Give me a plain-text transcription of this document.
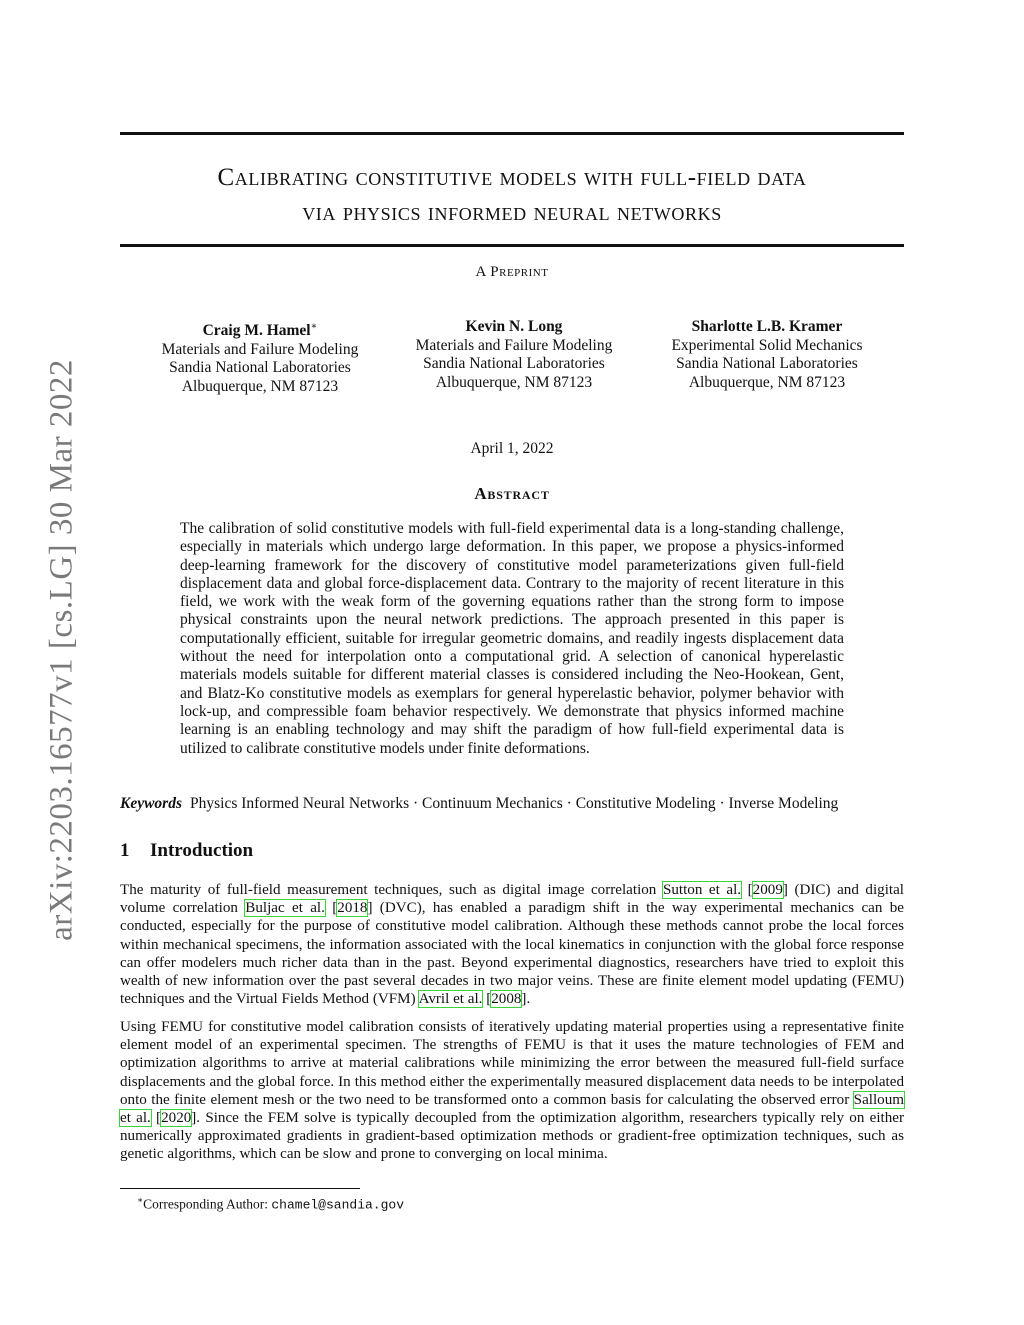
arXiv:2203.16577v1 [cs.LG] 30 Mar 2022
Calibrating constitutive models with full-field data
via physics informed neural networks
A Preprint
Craig M. Hamel∗
Materials and Failure Modeling
Sandia National Laboratories
Albuquerque, NM 87123
Kevin N. Long
Materials and Failure Modeling
Sandia National Laboratories
Albuquerque, NM 87123
Sharlotte L.B. Kramer
Experimental Solid Mechanics
Sandia National Laboratories
Albuquerque, NM 87123
April 1, 2022
Abstract
The calibration of solid constitutive models with full-field experimental data is a long-standing challenge, especially in materials which undergo large deformation. In this paper, we propose a physics-informed deep-learning framework for the discovery of constitutive model parameterizations given full-field displacement data and global force-displacement data. Contrary to the majority of recent literature in this field, we work with the weak form of the governing equations rather than the strong form to impose physical constraints upon the neural network predictions. The approach presented in this paper is computationally efficient, suitable for irregular geometric domains, and readily ingests displacement data without the need for interpolation onto a computational grid. A selection of canonical hyperelastic materials models suitable for different material classes is considered including the Neo-Hookean, Gent, and Blatz-Ko constitutive models as exemplars for general hyperelastic behavior, polymer behavior with lock-up, and compressible foam behavior respectively. We demonstrate that physics informed machine learning is an enabling technology and may shift the paradigm of how full-field experimental data is utilized to calibrate constitutive models under finite deformations.
Keywords Physics Informed Neural Networks · Continuum Mechanics · Constitutive Modeling · Inverse Modeling
1 Introduction
The maturity of full-field measurement techniques, such as digital image correlation Sutton et al. [2009] (DIC) and digital volume correlation Buljac et al. [2018] (DVC), has enabled a paradigm shift in the way experimental mechanics can be conducted, especially for the purpose of constitutive model calibration. Although these methods cannot probe the local forces within mechanical specimens, the information associated with the local kinematics in conjunction with the global force response can offer modelers much richer data than in the past. Beyond experimental diagnostics, researchers have tried to exploit this wealth of new information over the past several decades in two major veins. These are finite element model updating (FEMU) techniques and the Virtual Fields Method (VFM) Avril et al. [2008].
Using FEMU for constitutive model calibration consists of iteratively updating material properties using a representative finite element model of an experimental specimen. The strengths of FEMU is that it uses the mature technologies of FEM and optimization algorithms to arrive at material calibrations while minimizing the error between the measured full-field surface displacements and the global force. In this method either the experimentally measured displacement data needs to be interpolated onto the finite element mesh or the two need to be transformed onto a common basis for calculating the observed error Salloum et al. [2020]. Since the FEM solve is typically decoupled from the optimization algorithm, researchers typically rely on either numerically approximated gradients in gradient-based optimization methods or gradient-free optimization techniques, such as genetic algorithms, which can be slow and prone to converging on local minima.
∗Corresponding Author: chamel@sandia.gov
